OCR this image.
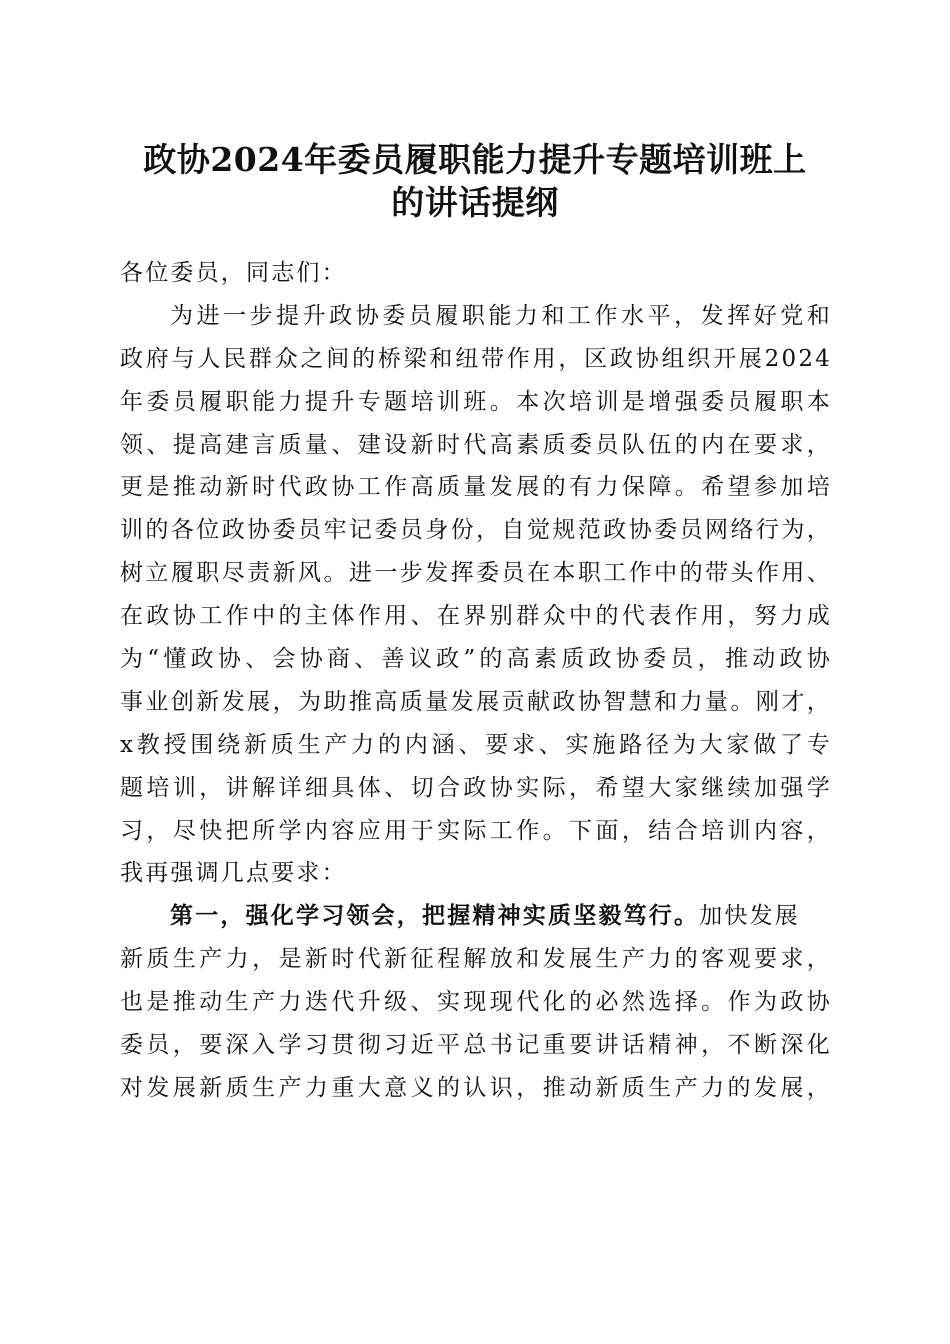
政协2024年委员履职能力提升专题培训班上
的讲话提纲
各位委员，同志们：
为进一步提升政协委员履职能力和工作水平，发挥好党和
政府与人民群众之间的桥梁和纽带作用，区政协组织开展2024
年委员履职能力提升专题培训班。本次培训是增强委员履职本
领、提高建言质量、建设新时代高素质委员队伍的内在要求，
更是推动新时代政协工作高质量发展的有力保障。希望参加培
训的各位政协委员牢记委员身份，自觉规范政协委员网络行为，
树立履职尽责新风。进一步发挥委员在本职工作中的带头作用、
在政协工作中的主体作用、在界别群众中的代表作用，努力成
为“懂政协、会协商、善议政”的高素质政协委员，推动政协
事业创新发展，为助推高质量发展贡献政协智慧和力量。刚才，
x教授围绕新质生产力的内涵、要求、实施路径为大家做了专
题培训，讲解详细具体、切合政协实际，希望大家继续加强学
习，尽快把所学内容应用于实际工作。下面，结合培训内容，
我再强调几点要求：
第一，强化学习领会，把握精神实质坚毅笃行。加快发展
新质生产力，是新时代新征程解放和发展生产力的客观要求，
也是推动生产力迭代升级、实现现代化的必然选择。作为政协
委员，要深入学习贯彻习近平总书记重要讲话精神，不断深化
对发展新质生产力重大意义的认识，推动新质生产力的发展，
